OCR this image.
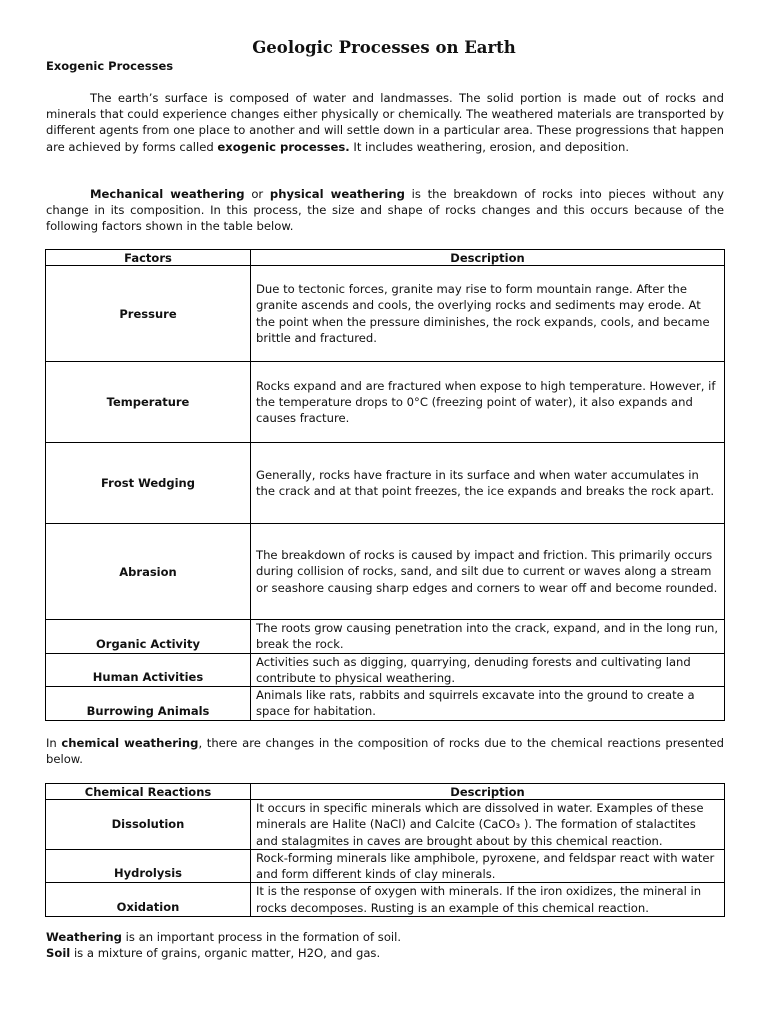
Geologic Processes on Earth
Exogenic Processes

The earth’s surface is composed of water and landmasses. The solid portion is made out of rocks and minerals that could experience changes either physically or chemically. The weathered materials are transported by different agents from one place to another and will settle down in a particular area. These progressions that happen are achieved by forms called exogenic processes. It includes weathering, erosion, and deposition.

Mechanical weathering or physical weathering is the breakdown of rocks into pieces without any change in its composition. In this process, the size and shape of rocks changes and this occurs because of the following factors shown in the table below.

Factors	Description
Pressure	Due to tectonic forces, granite may rise to form mountain range. After the granite ascends and cools, the overlying rocks and sediments may erode. At the point when the pressure diminishes, the rock expands, cools, and became brittle and fractured.
Temperature	Rocks expand and are fractured when expose to high temperature. However, if the temperature drops to 0°C (freezing point of water), it also expands and causes fracture.
Frost Wedging	Generally, rocks have fracture in its surface and when water accumulates in the crack and at that point freezes, the ice expands and breaks the rock apart.
Abrasion	The breakdown of rocks is caused by impact and friction. This primarily occurs during collision of rocks, sand, and silt due to current or waves along a stream or seashore causing sharp edges and corners to wear off and become rounded.
Organic Activity	The roots grow causing penetration into the crack, expand, and in the long run, break the rock.
Human Activities	Activities such as digging, quarrying, denuding forests and cultivating land contribute to physical weathering.
Burrowing Animals	Animals like rats, rabbits and squirrels excavate into the ground to create a space for habitation.

In chemical weathering, there are changes in the composition of rocks due to the chemical reactions presented below.

Chemical Reactions	Description
Dissolution	It occurs in specific minerals which are dissolved in water. Examples of these minerals are Halite (NaCl) and Calcite (CaCO₃ ). The formation of stalactites and stalagmites in caves are brought about by this chemical reaction.
Hydrolysis	Rock-forming minerals like amphibole, pyroxene, and feldspar react with water and form different kinds of clay minerals.
Oxidation	It is the response of oxygen with minerals. If the iron oxidizes, the mineral in rocks decomposes. Rusting is an example of this chemical reaction.
Weathering is an important process in the formation of soil.
Soil is a mixture of grains, organic matter, H2O, and gas.
